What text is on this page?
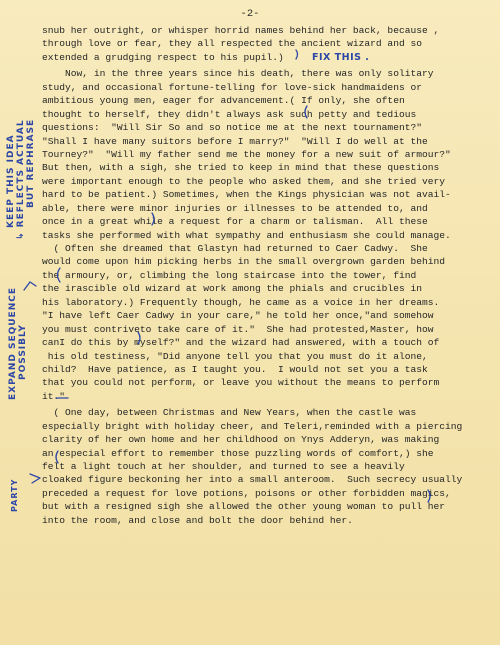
-2-
snub her outright, or whisper horrid names behind her back, because ,
through love or fear, they all respected the ancient wizard and so
extended a grudging respect to his pupil.)
Now, in the three years since his death, there was only solitary
study, and occasional fortune-telling for love-sick handmaidens or
ambitious young men, eager for advancement.( If only, she often
thought to herself, they didn't always ask such petty and tedious
questions:  "Will Sir So and so notice me at the next tournament?"
"Shall I have many suitors before I marry?"  "Will I do well at the
Tourney?"  "Will my father send me the money for a new suit of armour?"
But then, with a sigh, she tried to keep in mind that these questions
were important enough to the people who asked them, and she tried very
hard to be patient.) Sometimes, when the Kings physician was not avail-
able, there were minor injuries or illnesses to be attended to, and
once in a great while a request for a charm or talisman.  All these
tasks she performed with what sympathy and enthusiasm she could manage.
( Often she dreamed that Glastyn had returned to Caer Cadwy.  She
would come upon him picking herbs in the small overgrown garden behind
the armoury, or, climbing the long staircase into the tower, find
the irascible old wizard at work among the phials and crucibles in
his laboratory.) Frequently though, he came as a voice in her dreams.
"I have left Caer Cadwy in your care," he told her once,"and somehow
you must contriveto take care of it."  She had protested,Master, how
canI do this by myself?" and the wizard had answered, with a touch of
his old testiness, "Did anyone tell you that you must do it alone,
child?  Have patience, as I taught you.  I would not set you a task
that you could not perform, or leave you without the means to perform
it."
( One day, between Christmas and New Years, when the castle was
especially bright with holiday cheer, and Teleri,reminded with a piercing
clarity of her own home and her childhood on Ynys Adderyn, was making
an especial effort to remember those puzzling words of comfort,) she
felt a light touch at her shoulder, and turned to see a heavily
cloaked figure beckoning her into a small anteroom.  Such secrecy usually
preceded a request for love potions, poisons or other forbidden magics,
but with a resigned sigh she allowed the other young woman to pull her
into the room, and close and bolt the door behind her.
FIX THIS .
KEEP THIS IDEA ↳ REFLECTS ACTUAL BUT REPHRASE
EXPAND SEQUENCE POSSIBLY
PARTY
